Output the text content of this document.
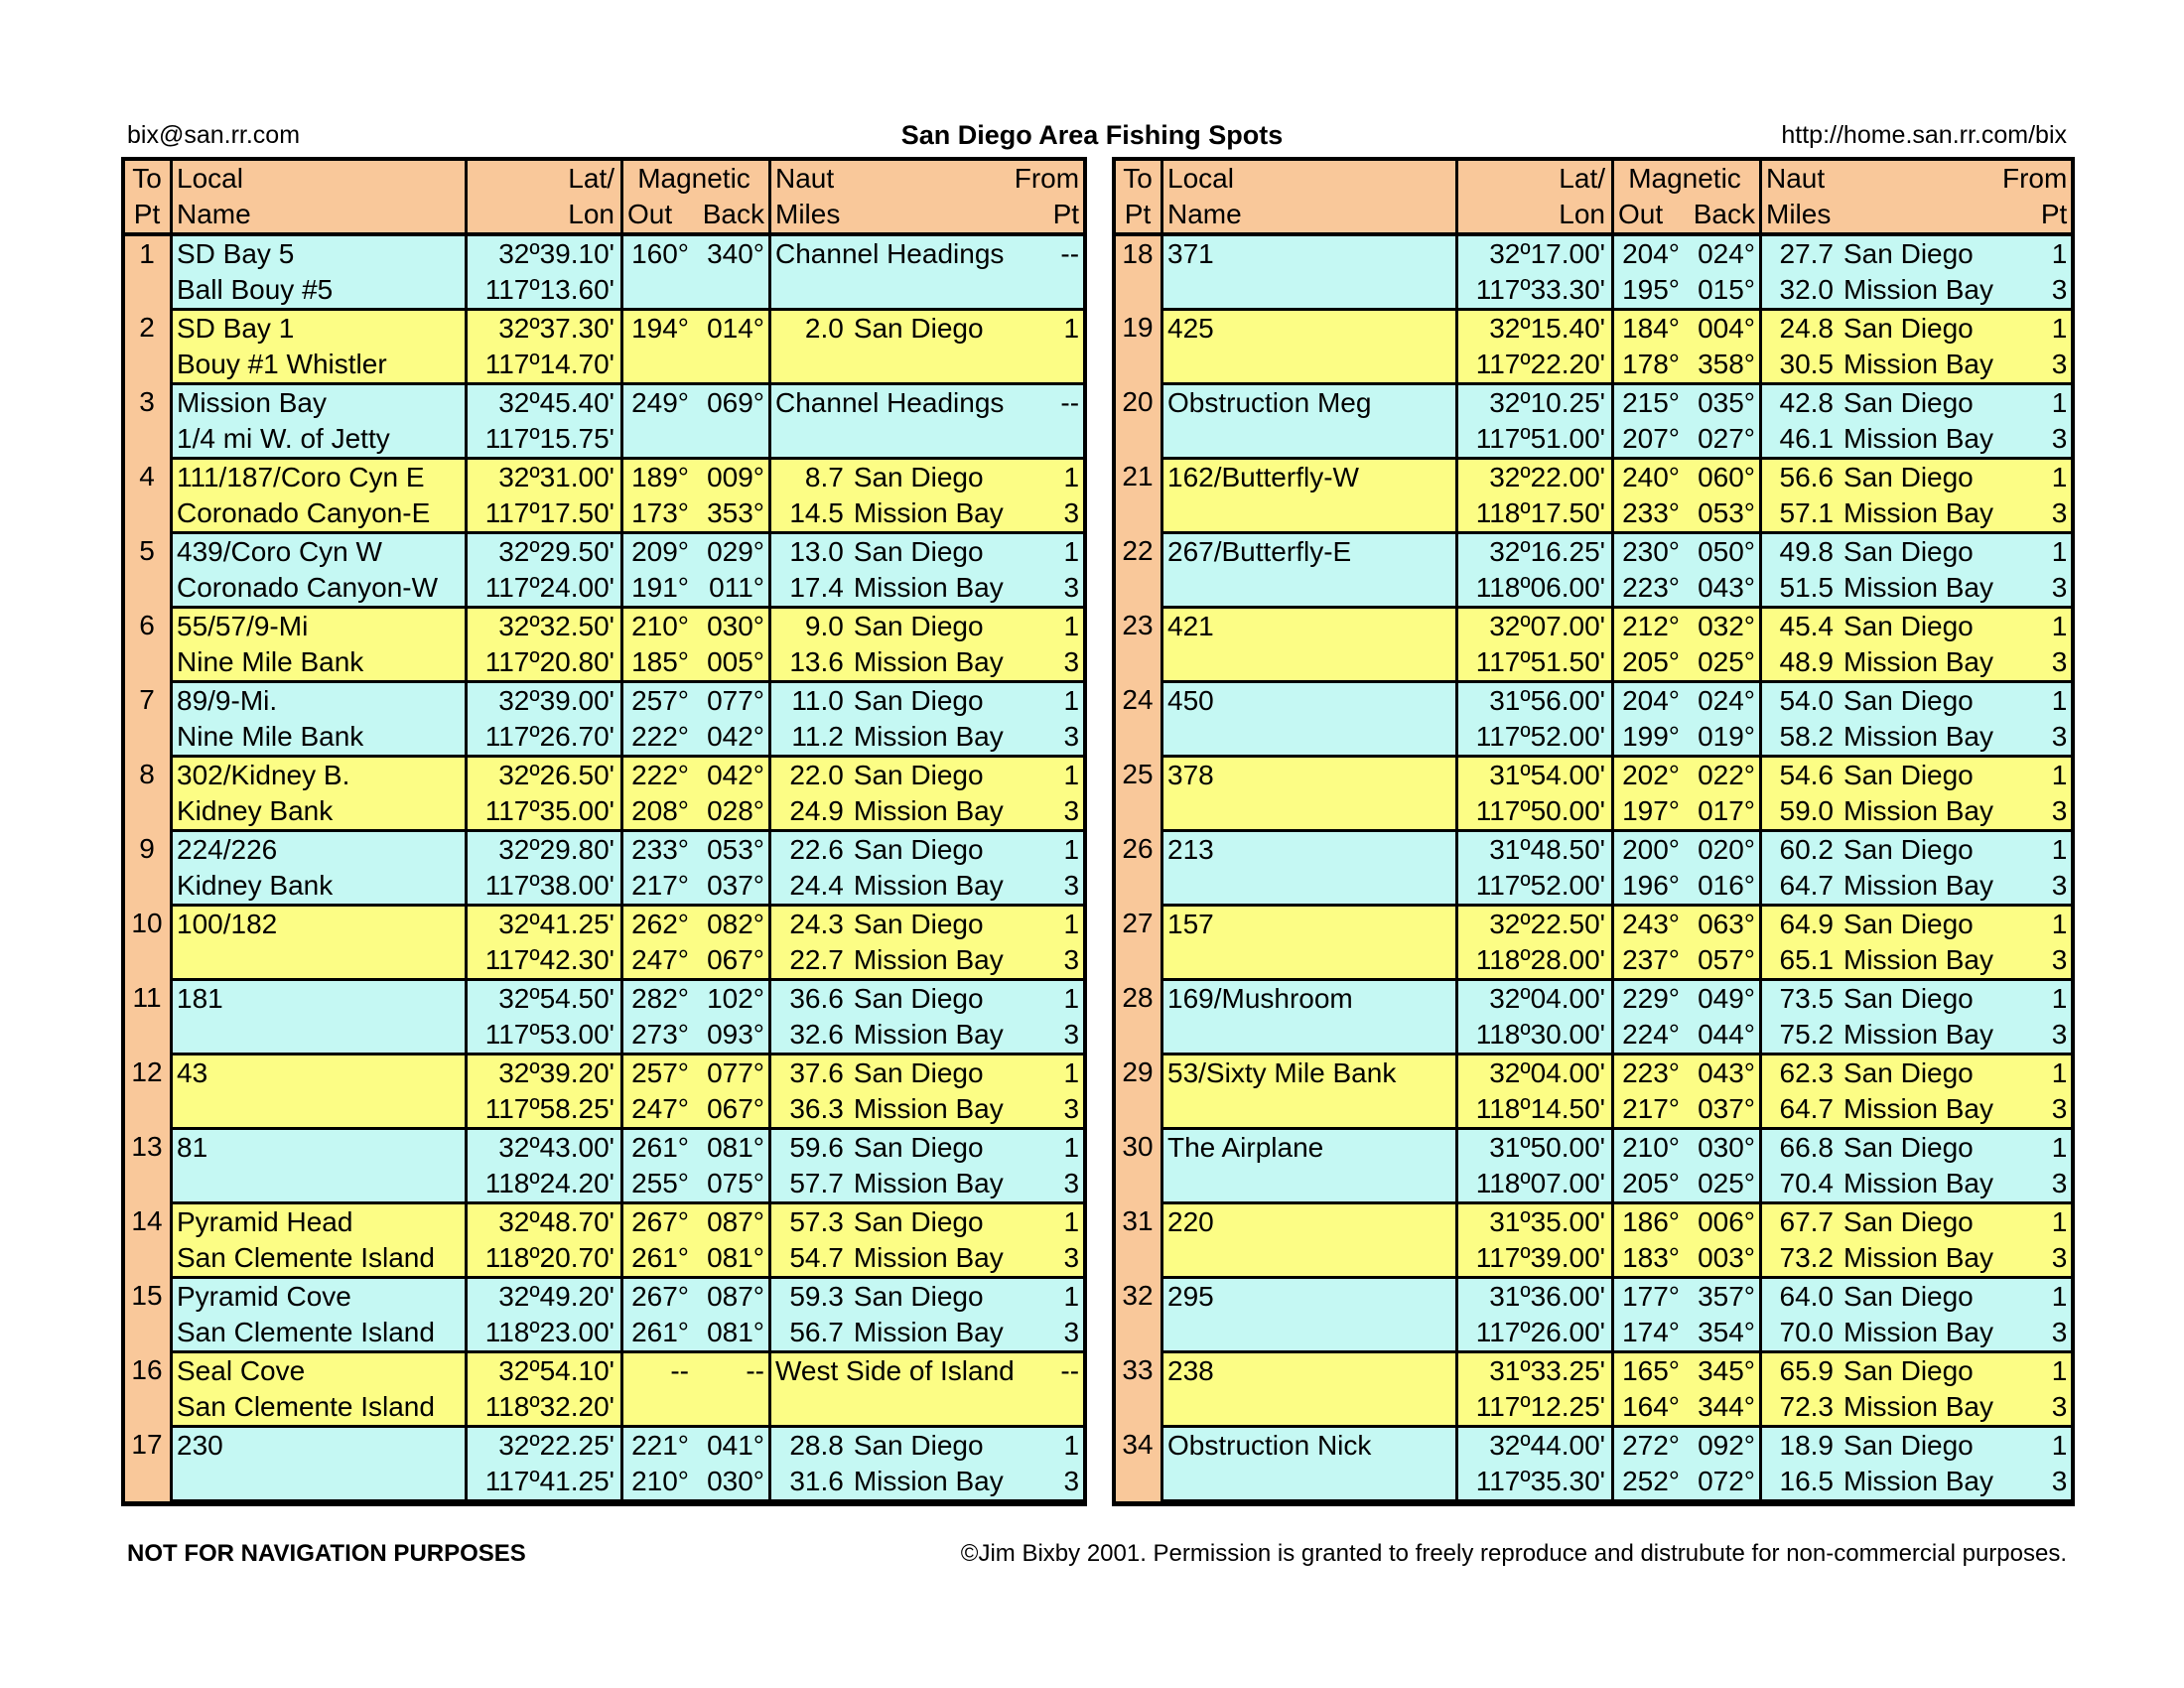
bix@san.rr.com	San Diego Area Fishing Spots	http://home.san.rr.com/bix
To	Local	Lat/	Magnetic		Naut		From
Pt	Name	Lon	Out	Back	Miles		Pt
1	SD Bay 5	32º39.10'	160°	340°	Channel Headings		--
	Ball Bouy #5	117º13.60'					
2	SD Bay 1	32º37.30'	194°	014°	2.0	San Diego	1
	Bouy #1 Whistler	117º14.70'					
3	Mission Bay	32º45.40'	249°	069°	Channel Headings		--
	1/4 mi W. of Jetty	117º15.75'					
4	111/187/Coro Cyn E	32º31.00'	189°	009°	8.7	San Diego	1
	Coronado Canyon-E	117º17.50'	173°	353°	14.5	Mission Bay	3
5	439/Coro Cyn W	32º29.50'	209°	029°	13.0	San Diego	1
	Coronado Canyon-W	117º24.00'	191°	011°	17.4	Mission Bay	3
6	55/57/9-Mi	32º32.50'	210°	030°	9.0	San Diego	1
	Nine Mile Bank	117º20.80'	185°	005°	13.6	Mission Bay	3
7	89/9-Mi.	32º39.00'	257°	077°	11.0	San Diego	1
	Nine Mile Bank	117º26.70'	222°	042°	11.2	Mission Bay	3
8	302/Kidney B.	32º26.50'	222°	042°	22.0	San Diego	1
	Kidney Bank	117º35.00'	208°	028°	24.9	Mission Bay	3
9	224/226	32º29.80'	233°	053°	22.6	San Diego	1
	Kidney Bank	117º38.00'	217°	037°	24.4	Mission Bay	3
10	100/182	32º41.25'	262°	082°	24.3	San Diego	1
		117º42.30'	247°	067°	22.7	Mission Bay	3
11	181	32º54.50'	282°	102°	36.6	San Diego	1
		117º53.00'	273°	093°	32.6	Mission Bay	3
12	43	32º39.20'	257°	077°	37.6	San Diego	1
		117º58.25'	247°	067°	36.3	Mission Bay	3
13	81	32º43.00'	261°	081°	59.6	San Diego	1
		118º24.20'	255°	075°	57.7	Mission Bay	3
14	Pyramid Head	32º48.70'	267°	087°	57.3	San Diego	1
	San Clemente Island	118º20.70'	261°	081°	54.7	Mission Bay	3
15	Pyramid Cove	32º49.20'	267°	087°	59.3	San Diego	1
	San Clemente Island	118º23.00'	261°	081°	56.7	Mission Bay	3
16	Seal Cove	32º54.10'	--	--	West Side of Island		--
	San Clemente Island	118º32.20'					
17	230	32º22.25'	221°	041°	28.8	San Diego	1
		117º41.25'	210°	030°	31.6	Mission Bay	3
To	Local	Lat/	Magnetic		Naut		From
Pt	Name	Lon	Out	Back	Miles		Pt
18	371	32º17.00'	204°	024°	27.7	San Diego	1
		117º33.30'	195°	015°	32.0	Mission Bay	3
19	425	32º15.40'	184°	004°	24.8	San Diego	1
		117º22.20'	178°	358°	30.5	Mission Bay	3
20	Obstruction Meg	32º10.25'	215°	035°	42.8	San Diego	1
		117º51.00'	207°	027°	46.1	Mission Bay	3
21	162/Butterfly-W	32º22.00'	240°	060°	56.6	San Diego	1
		118º17.50'	233°	053°	57.1	Mission Bay	3
22	267/Butterfly-E	32º16.25'	230°	050°	49.8	San Diego	1
		118º06.00'	223°	043°	51.5	Mission Bay	3
23	421	32º07.00'	212°	032°	45.4	San Diego	1
		117º51.50'	205°	025°	48.9	Mission Bay	3
24	450	31º56.00'	204°	024°	54.0	San Diego	1
		117º52.00'	199°	019°	58.2	Mission Bay	3
25	378	31º54.00'	202°	022°	54.6	San Diego	1
		117º50.00'	197°	017°	59.0	Mission Bay	3
26	213	31º48.50'	200°	020°	60.2	San Diego	1
		117º52.00'	196°	016°	64.7	Mission Bay	3
27	157	32º22.50'	243°	063°	64.9	San Diego	1
		118º28.00'	237°	057°	65.1	Mission Bay	3
28	169/Mushroom	32º04.00'	229°	049°	73.5	San Diego	1
		118º30.00'	224°	044°	75.2	Mission Bay	3
29	53/Sixty Mile Bank	32º04.00'	223°	043°	62.3	San Diego	1
		118º14.50'	217°	037°	64.7	Mission Bay	3
30	The Airplane	31º50.00'	210°	030°	66.8	San Diego	1
		118º07.00'	205°	025°	70.4	Mission Bay	3
31	220	31º35.00'	186°	006°	67.7	San Diego	1
		117º39.00'	183°	003°	73.2	Mission Bay	3
32	295	31º36.00'	177°	357°	64.0	San Diego	1
		117º26.00'	174°	354°	70.0	Mission Bay	3
33	238	31º33.25'	165°	345°	65.9	San Diego	1
		117º12.25'	164°	344°	72.3	Mission Bay	3
34	Obstruction Nick	32º44.00'	272°	092°	18.9	San Diego	1
		117º35.30'	252°	072°	16.5	Mission Bay	3
NOT FOR NAVIGATION PURPOSES	©Jim Bixby 2001. Permission is granted to freely reproduce and distrubute for non-commercial purposes.
